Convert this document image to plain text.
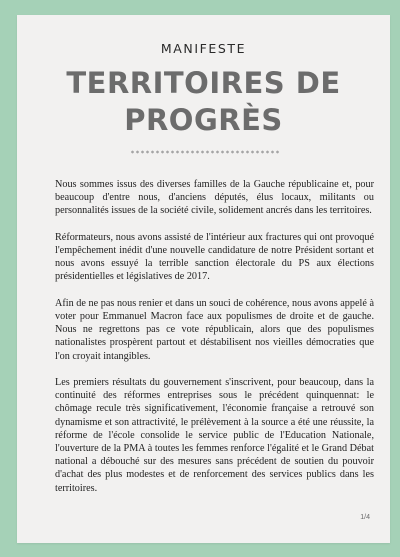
MANIFESTE
TERRITOIRES DE
PROGRÈS

Nous sommes issus des diverses familles de la Gauche républicaine et, pour beaucoup d'entre nous, d'anciens députés, élus locaux, militants ou personnalités issues de la société civile, solidement ancrés dans les territoires.

Réformateurs, nous avons assisté de l'intérieur aux fractures qui ont provoqué l'empêchement inédit d'une nouvelle candidature de notre Président sortant et nous avons essuyé la terrible sanction électorale du PS aux élections présidentielles et législatives de 2017.

Afin de ne pas nous renier et dans un souci de cohérence, nous avons appelé à voter pour Emmanuel Macron face aux populismes de droite et de gauche. Nous ne regrettons pas ce vote républicain, alors que des populismes nationalistes prospèrent partout et déstabilisent nos vieilles démocraties que l'on croyait intangibles.

Les premiers résultats du gouvernement s'inscrivent, pour beaucoup, dans la continuité des réformes entreprises sous le précédent quinquennat: le chômage recule très significativement, l'économie française a retrouvé son dynamisme et son attractivité, le prélèvement à la source a été une réussite, la réforme de l'école consolide le service public de l'Education Nationale, l'ouverture de la PMA à toutes les femmes renforce l'égalité et le Grand Débat national a débouché sur des mesures sans précédent de soutien du pouvoir d'achat des plus modestes et de renforcement des services publics dans les territoires.

1/4
